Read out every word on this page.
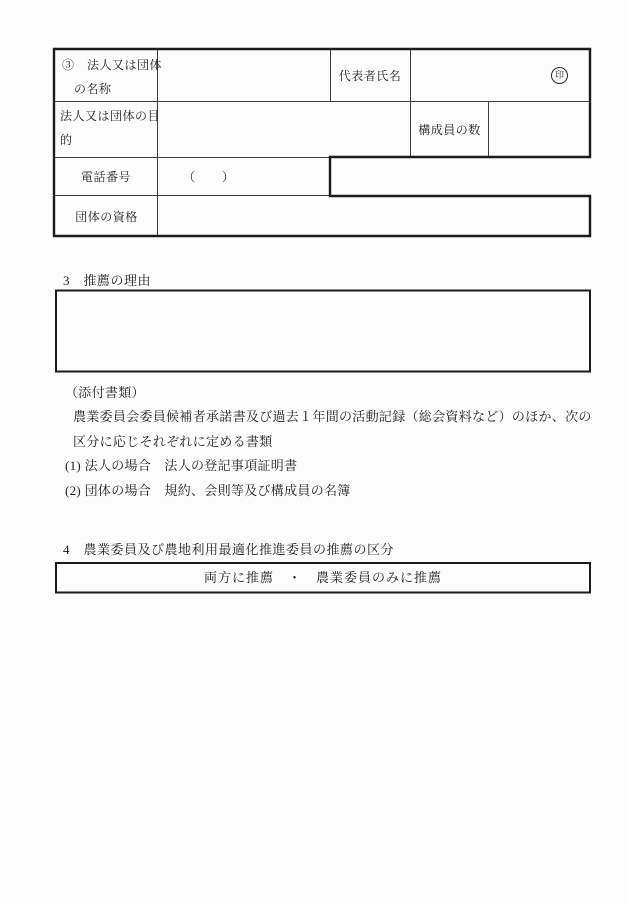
③　法人又は団体
の名称
代表者氏名	印
法人又は団体の目
的
構成員の数
電話番号	（　　）
団体の資格
3　推薦の理由
（添付書類）
農業委員会委員候補者承諾書及び過去１年間の活動記録（総会資料など）のほか、次の
区分に応じそれぞれに定める書類
(1) 法人の場合　法人の登記事項証明書
(2) 団体の場合　規約、会則等及び構成員の名簿
4　農業委員及び農地利用最適化推進委員の推薦の区分
両方に推薦　・　農業委員のみに推薦
